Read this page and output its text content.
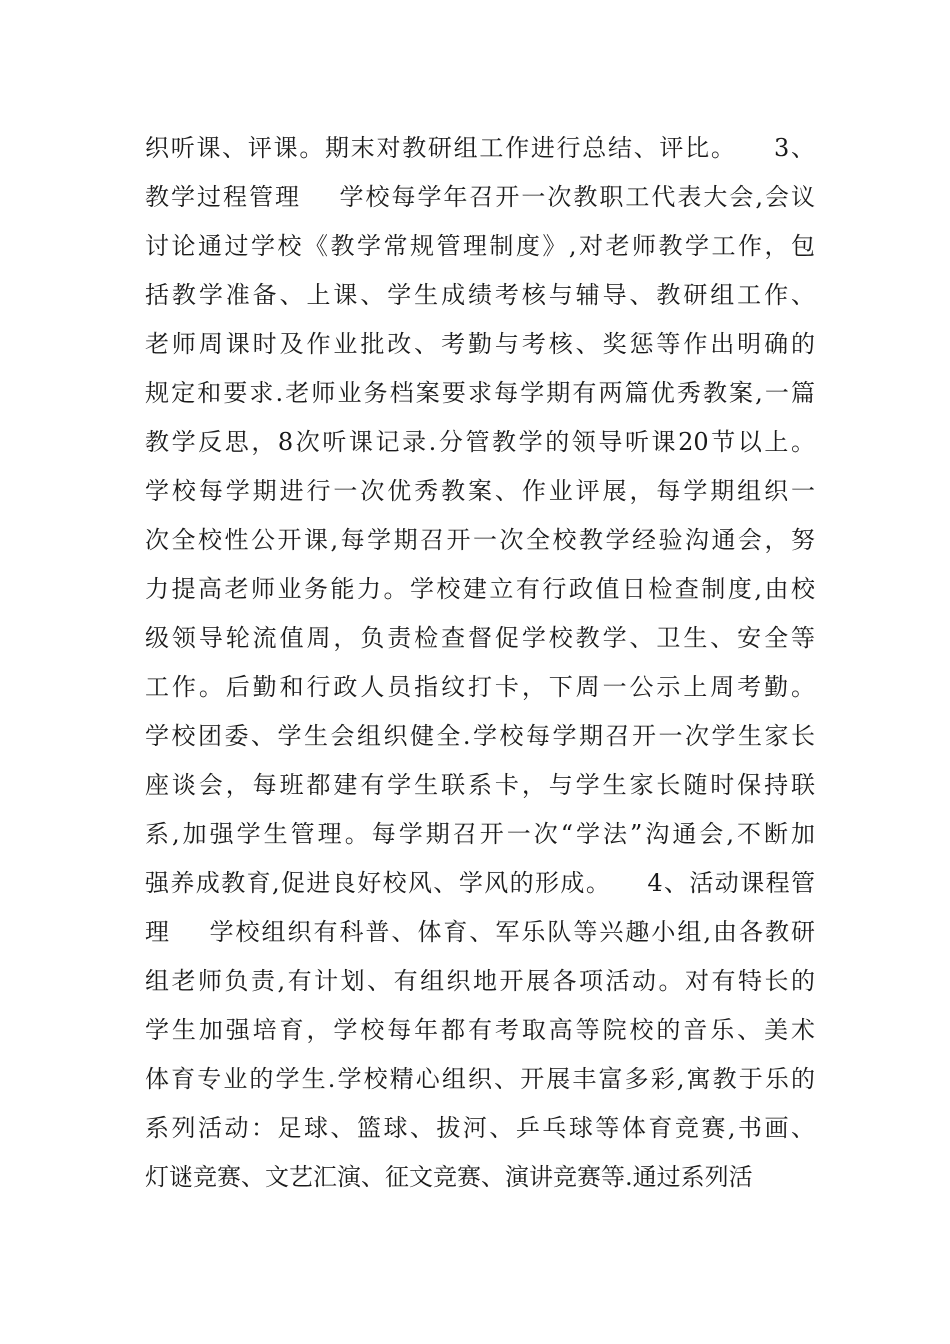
织听课、评课。期末对教研组工作进行总结、评比。    3、
教学过程管理    学校每学年召开一次教职工代表大会,会议
讨论通过学校《教学常规管理制度》,对老师教学工作，包
括教学准备、上课、学生成绩考核与辅导、教研组工作、
老师周课时及作业批改、考勤与考核、奖惩等作出明确的
规定和要求.老师业务档案要求每学期有两篇优秀教案,一篇
教学反思，8次听课记录.分管教学的领导听课20节以上。
学校每学期进行一次优秀教案、作业评展，每学期组织一
次全校性公开课,每学期召开一次全校教学经验沟通会，努
力提高老师业务能力。学校建立有行政值日检查制度,由校
级领导轮流值周，负责检查督促学校教学、卫生、安全等
工作。后勤和行政人员指纹打卡，下周一公示上周考勤。
学校团委、学生会组织健全.学校每学期召开一次学生家长
座谈会，每班都建有学生联系卡，与学生家长随时保持联
系,加强学生管理。每学期召开一次“学法”沟通会,不断加
强养成教育,促进良好校风、学风的形成。    4、活动课程管
理    学校组织有科普、体育、军乐队等兴趣小组,由各教研
组老师负责,有计划、有组织地开展各项活动。对有特长的
学生加强培育，学校每年都有考取高等院校的音乐、美术
体育专业的学生.学校精心组织、开展丰富多彩,寓教于乐的
系列活动：足球、篮球、拔河、乒乓球等体育竞赛,书画、
灯谜竞赛、文艺汇演、征文竞赛、演讲竞赛等.通过系列活
